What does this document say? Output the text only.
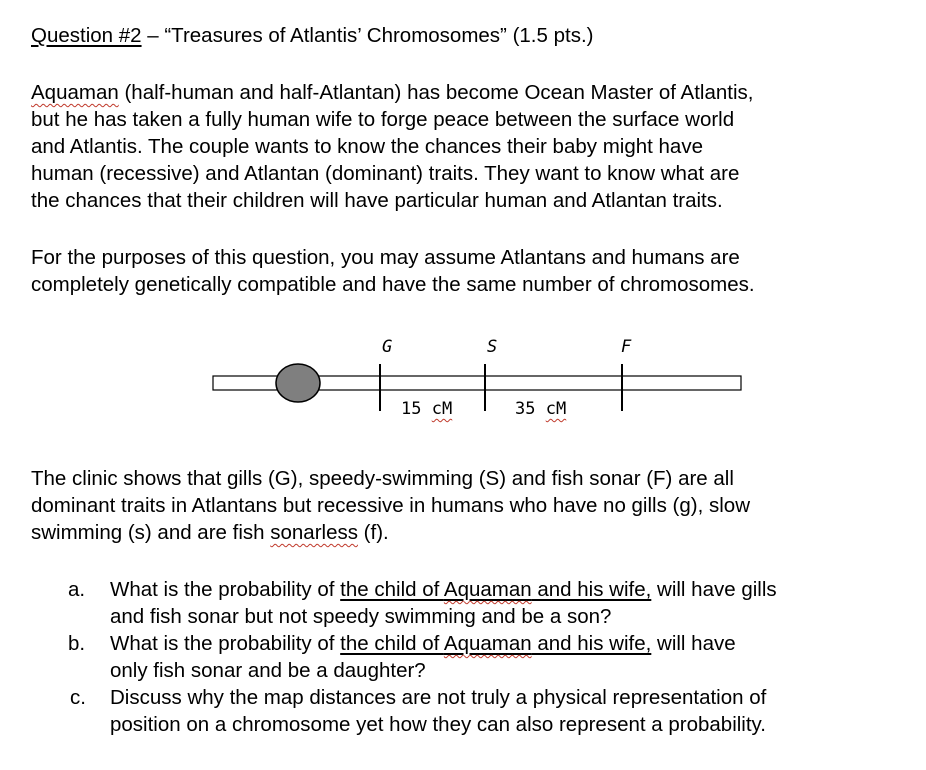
Question #2 – “Treasures of Atlantis’ Chromosomes” (1.5 pts.)
Aquaman (half-human and half-Atlantan) has become Ocean Master of Atlantis,
but he has taken a fully human wife to forge peace between the surface world
and Atlantis. The couple wants to know the chances their baby might have
human (recessive) and Atlantan (dominant) traits. They want to know what are
the chances that their children will have particular human and Atlantan traits.
For the purposes of this question, you may assume Atlantans and humans are
completely genetically compatible and have the same number of chromosomes.
G	S	F
15 cM	35 cM
The clinic shows that gills (G), speedy-swimming (S) and fish sonar (F) are all
dominant traits in Atlantans but recessive in humans who have no gills (g), slow
swimming (s) and are fish sonarless (f).
a. What is the probability of the child of Aquaman and his wife, will have gills
and fish sonar but not speedy swimming and be a son?
b. What is the probability of the child of Aquaman and his wife, will have
only fish sonar and be a daughter?
c. Discuss why the map distances are not truly a physical representation of
position on a chromosome yet how they can also represent a probability.
